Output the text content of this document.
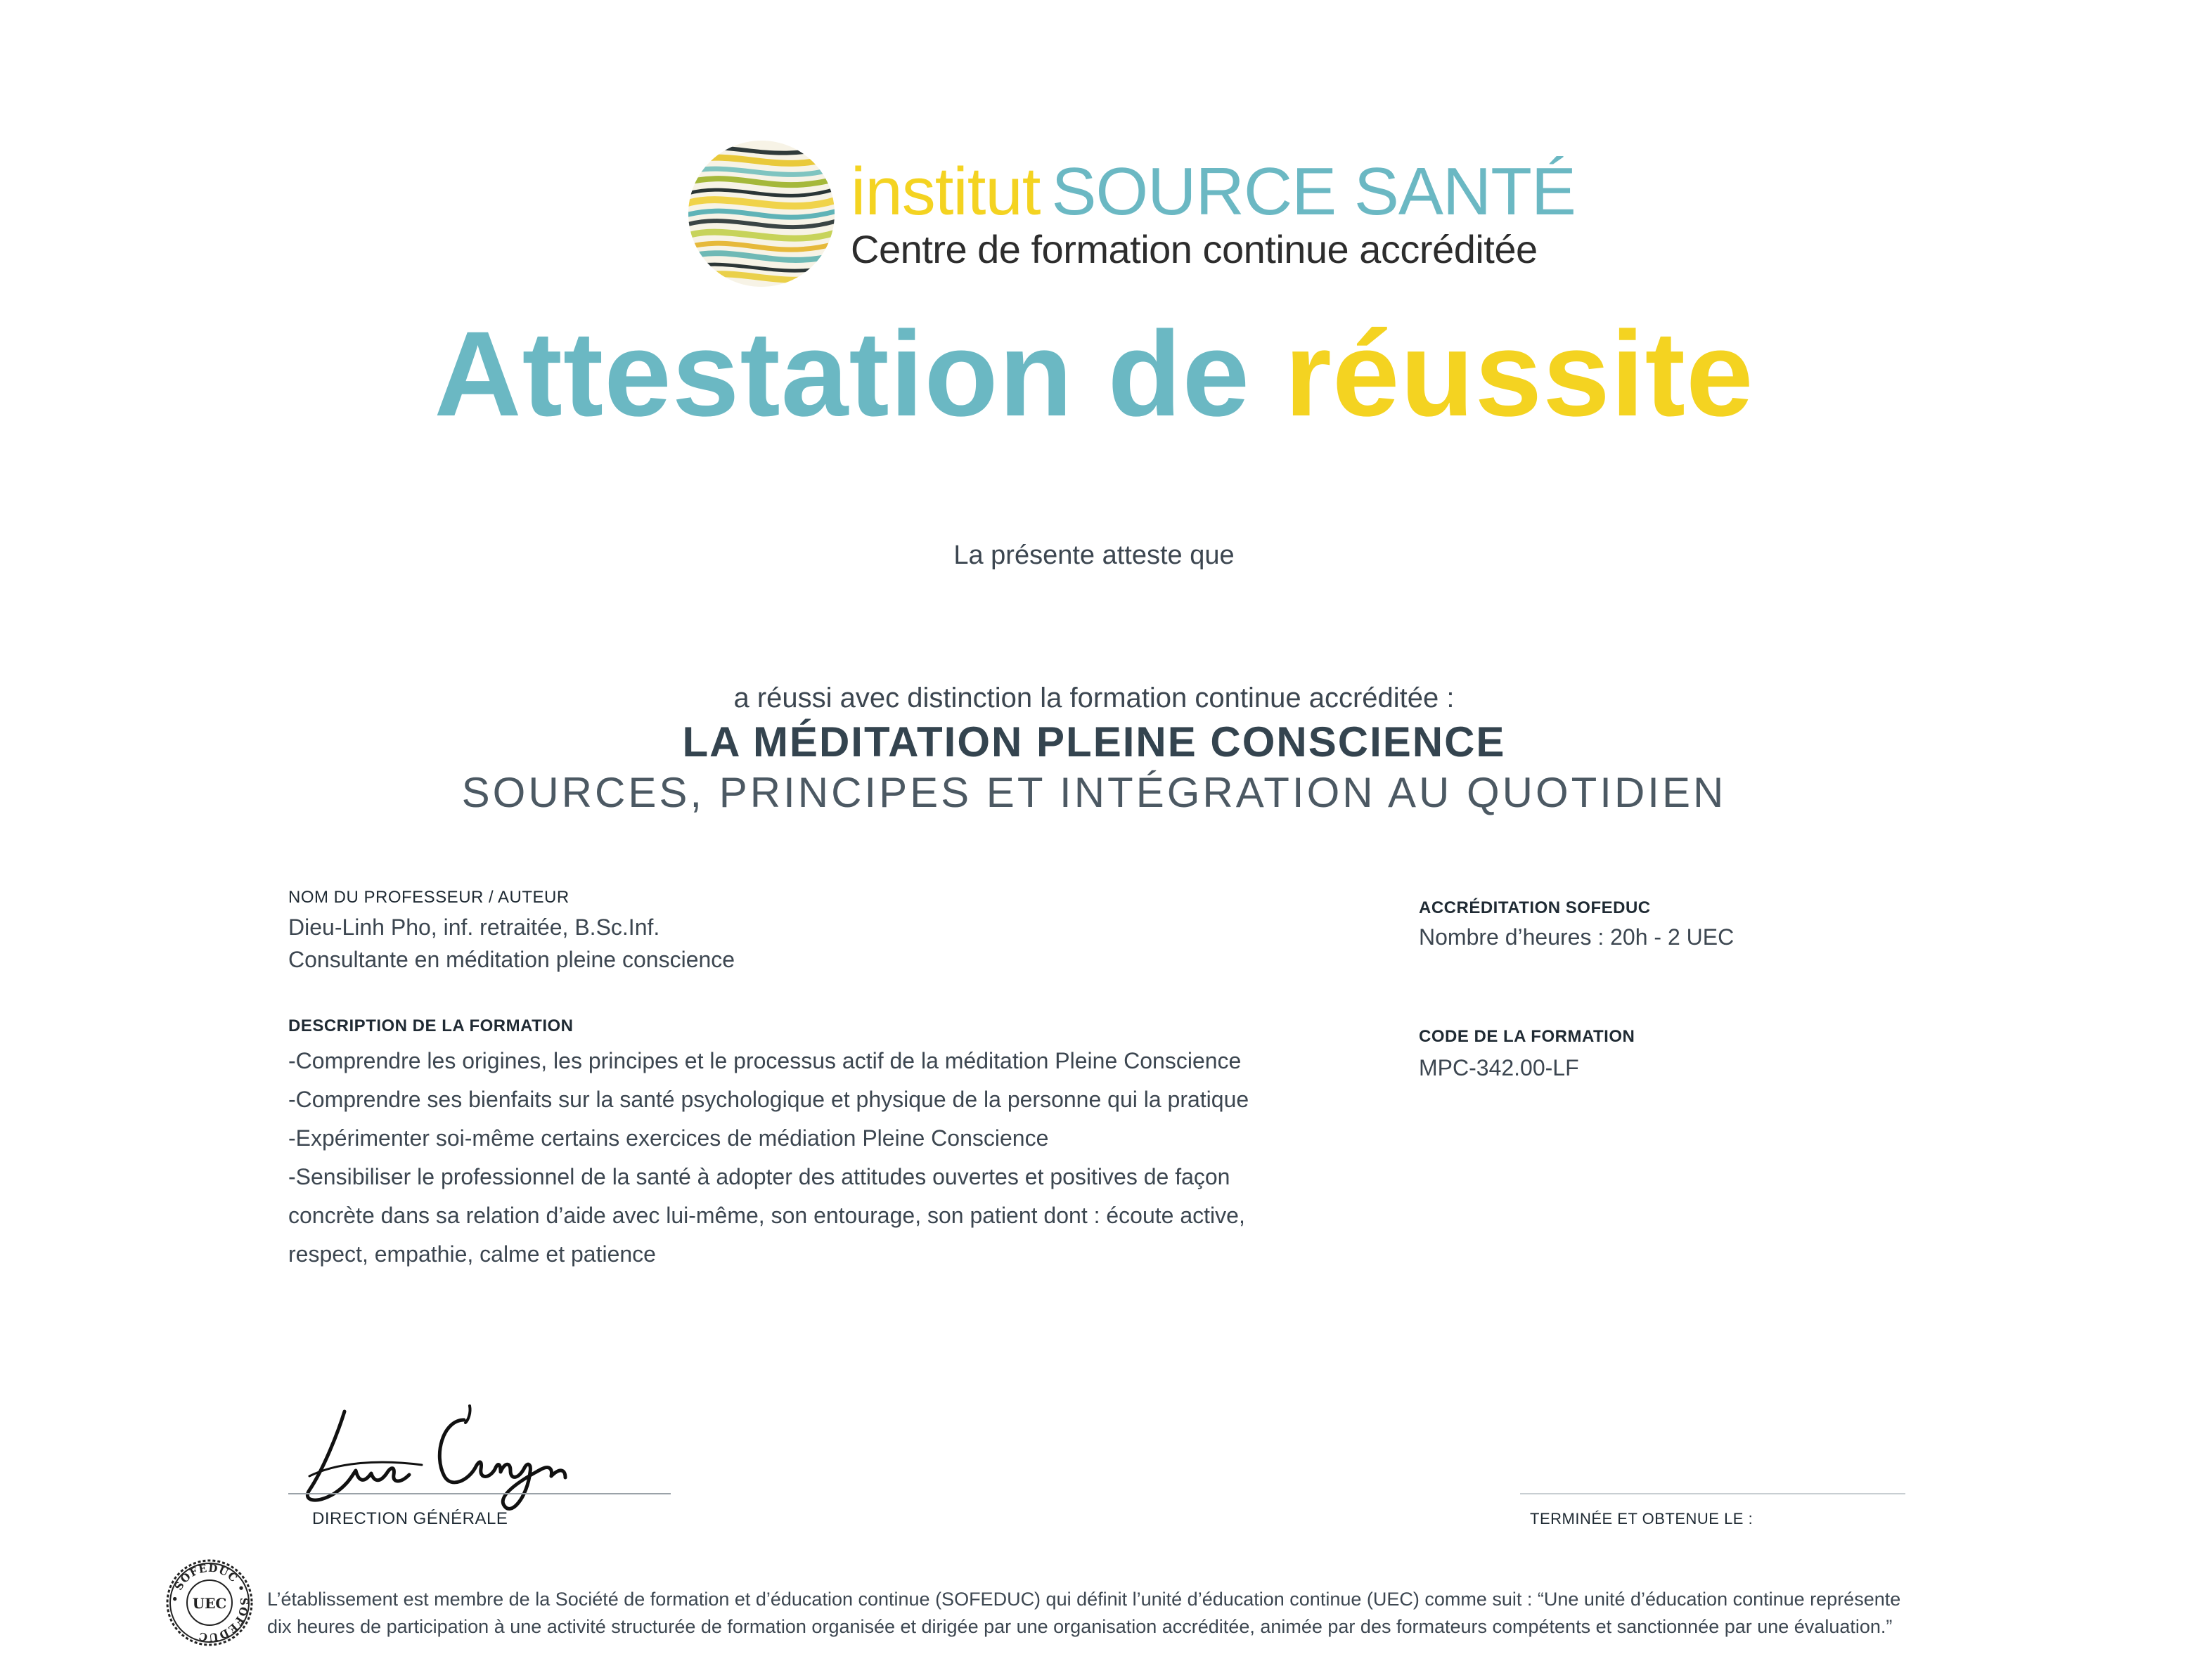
institut SOURCE SANTÉ
Centre de formation continue accréditée
Attestation de réussite
La présente atteste que
a réussi avec distinction la formation continue accréditée :
LA MÉDITATION PLEINE CONSCIENCE
SOURCES, PRINCIPES ET INTÉGRATION AU QUOTIDIEN
NOM DU PROFESSEUR / AUTEUR
Dieu-Linh Pho, inf. retraitée, B.Sc.Inf.
Consultante en méditation pleine conscience
DESCRIPTION DE LA FORMATION
-Comprendre les origines, les principes et le processus actif de la méditation Pleine Conscience
-Comprendre ses bienfaits sur la santé psychologique et physique de la personne qui la pratique
-Expérimenter soi-même certains exercices de médiation Pleine Conscience
-Sensibiliser le professionnel de la santé à adopter des attitudes ouvertes et positives de façon
concrète dans sa relation d’aide avec lui-même, son entourage, son patient dont : écoute active,
respect, empathie, calme et patience
ACCRÉDITATION SOFEDUC
Nombre d’heures : 20h - 2 UEC
CODE DE LA FORMATION
MPC-342.00-LF
DIRECTION GÉNÉRALE	TERMINÉE ET OBTENUE LE :
• SOFEDUC • SOFEDUC
UEC L’établissement est membre de la Société de formation et d’éducation continue (SOFEDUC) qui définit l’unité d’éducation continue (UEC) comme suit : “Une unité d’éducation continue représente
dix heures de participation à une activité structurée de formation organisée et dirigée par une organisation accréditée, animée par des formateurs compétents et sanctionnée par une évaluation.”
